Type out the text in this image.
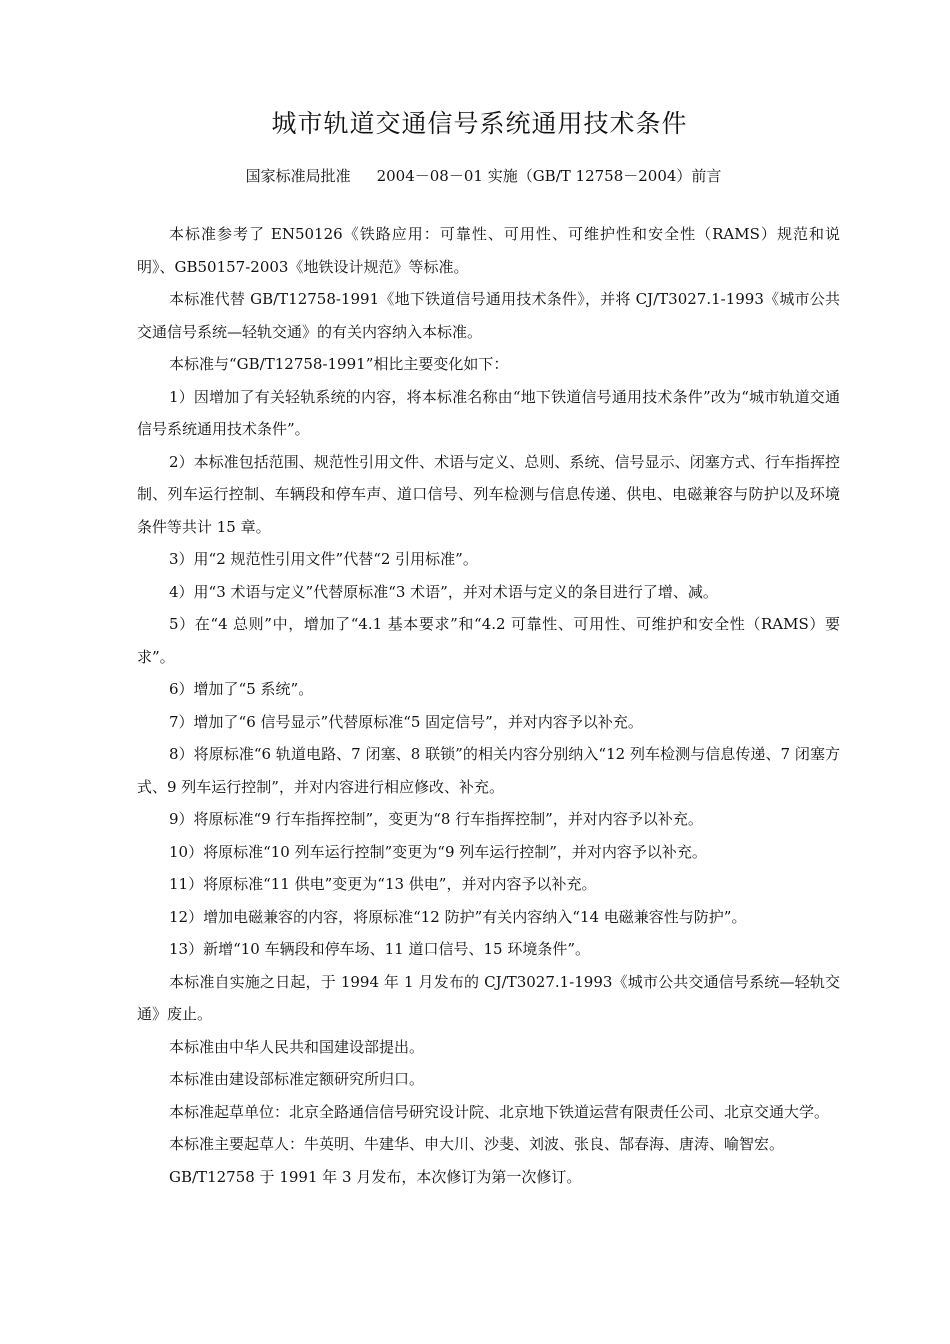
城市轨道交通信号系统通用技术条件
国家标准局批准 2004－08－01 实施（GB/T 12758－2004）前言

本标准参考了 EN50126《铁路应用：可靠性、可用性、可维护性和安全性（RAMS）规范和说明》、GB50157-2003《地铁设计规范》等标准。

本标准代替 GB/T12758-1991《地下铁道信号通用技术条件》，并将 CJ/T3027.1-1993《城市公共交通信号系统—轻轨交通》的有关内容纳入本标准。

本标准与“GB/T12758-1991”相比主要变化如下：

1）因增加了有关轻轨系统的内容，将本标准名称由“地下铁道信号通用技术条件”改为“城市轨道交通信号系统通用技术条件”。

2）本标准包括范围、规范性引用文件、术语与定义、总则、系统、信号显示、闭塞方式、行车指挥控制、列车运行控制、车辆段和停车声、道口信号、列车检测与信息传递、供电、电磁兼容与防护以及环境条件等共计 15 章。

3）用“2 规范性引用文件”代替“2 引用标准”。

4）用“3 术语与定义”代替原标准“3 术语”，并对术语与定义的条目进行了增、减。

5）在“4 总则”中，增加了“4.1 基本要求”和“4.2 可靠性、可用性、可维护和安全性（RAMS）要求”。

6）增加了“5 系统”。

7）增加了“6 信号显示”代替原标准“5 固定信号”，并对内容予以补充。

8）将原标准“6 轨道电路、7 闭塞、8 联锁”的相关内容分别纳入“12 列车检测与信息传递、7 闭塞方式、9 列车运行控制”，并对内容进行相应修改、补充。

9）将原标准“9 行车指挥控制”，变更为“8 行车指挥控制”，并对内容予以补充。

10）将原标准“10 列车运行控制”变更为“9 列车运行控制”，并对内容予以补充。

11）将原标准“11 供电”变更为“13 供电”，并对内容予以补充。

12）增加电磁兼容的内容，将原标准“12 防护”有关内容纳入“14 电磁兼容性与防护”。

13）新增“10 车辆段和停车场、11 道口信号、15 环境条件”。

本标准自实施之日起，于 1994 年 1 月发布的 CJ/T3027.1-1993《城市公共交通信号系统—轻轨交通》废止。

本标准由中华人民共和国建设部提出。

本标准由建设部标准定额研究所归口。

本标准起草单位：北京全路通信信号研究设计院、北京地下铁道运营有限责任公司、北京交通大学。

本标准主要起草人：牛英明、牛建华、申大川、沙斐、刘波、张良、郜春海、唐涛、喻智宏。

GB/T12758 于 1991 年 3 月发布，本次修订为第一次修订。
